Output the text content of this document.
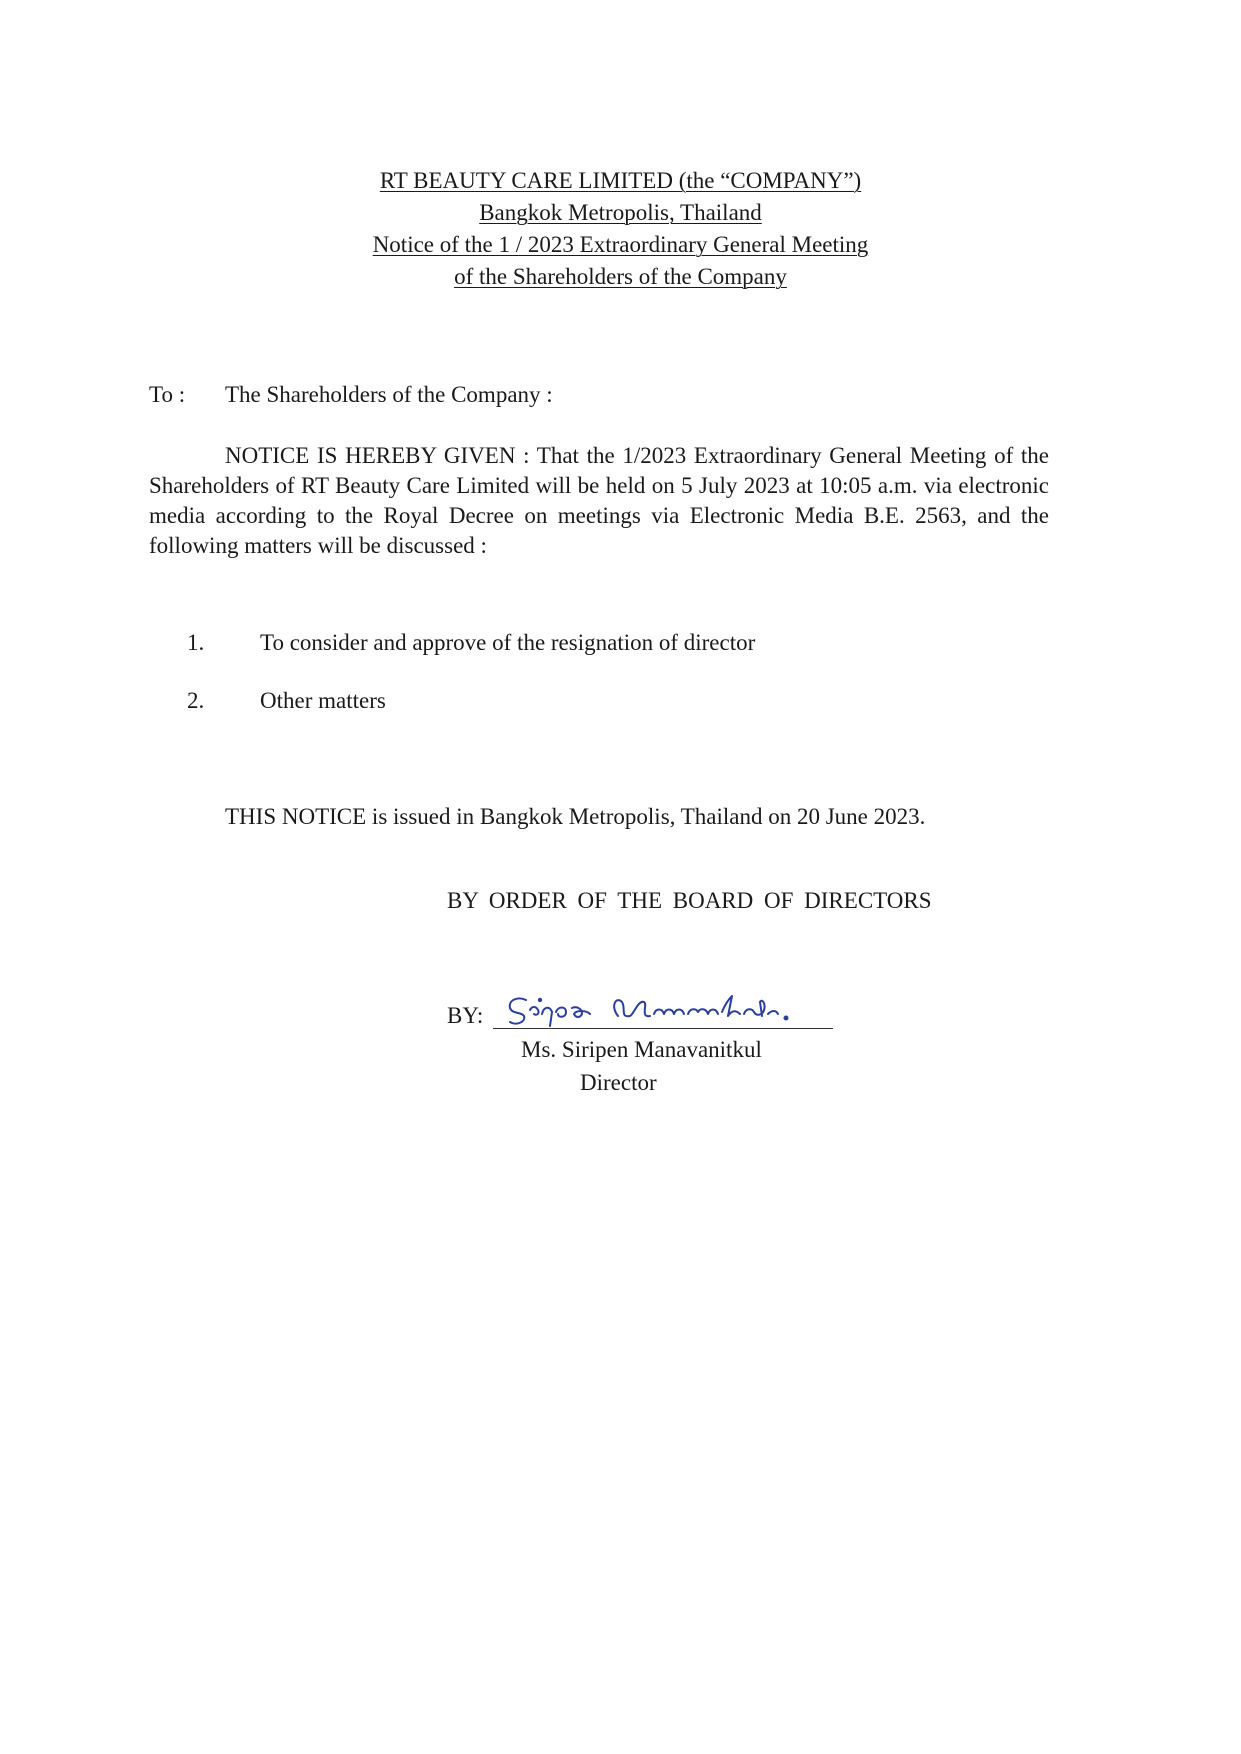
RT BEAUTY CARE LIMITED (the “COMPANY”)
Bangkok Metropolis, Thailand
Notice of the 1 / 2023 Extraordinary General Meeting
of the Shareholders of the Company
To : The Shareholders of the Company :
NOTICE IS HEREBY GIVEN : That the 1/2023 Extraordinary General Meeting of the Shareholders of RT Beauty Care Limited will be held on 5 July 2023 at 10:05 a.m. via electronic media according to the Royal Decree on meetings via Electronic Media B.E. 2563, and the following matters will be discussed :
1. To consider and approve of the resignation of director
2. Other matters
THIS NOTICE is issued in Bangkok Metropolis, Thailand on 20 June 2023.
BY ORDER OF THE BOARD OF DIRECTORS
BY:
Ms. Siripen Manavanitkul
Director
